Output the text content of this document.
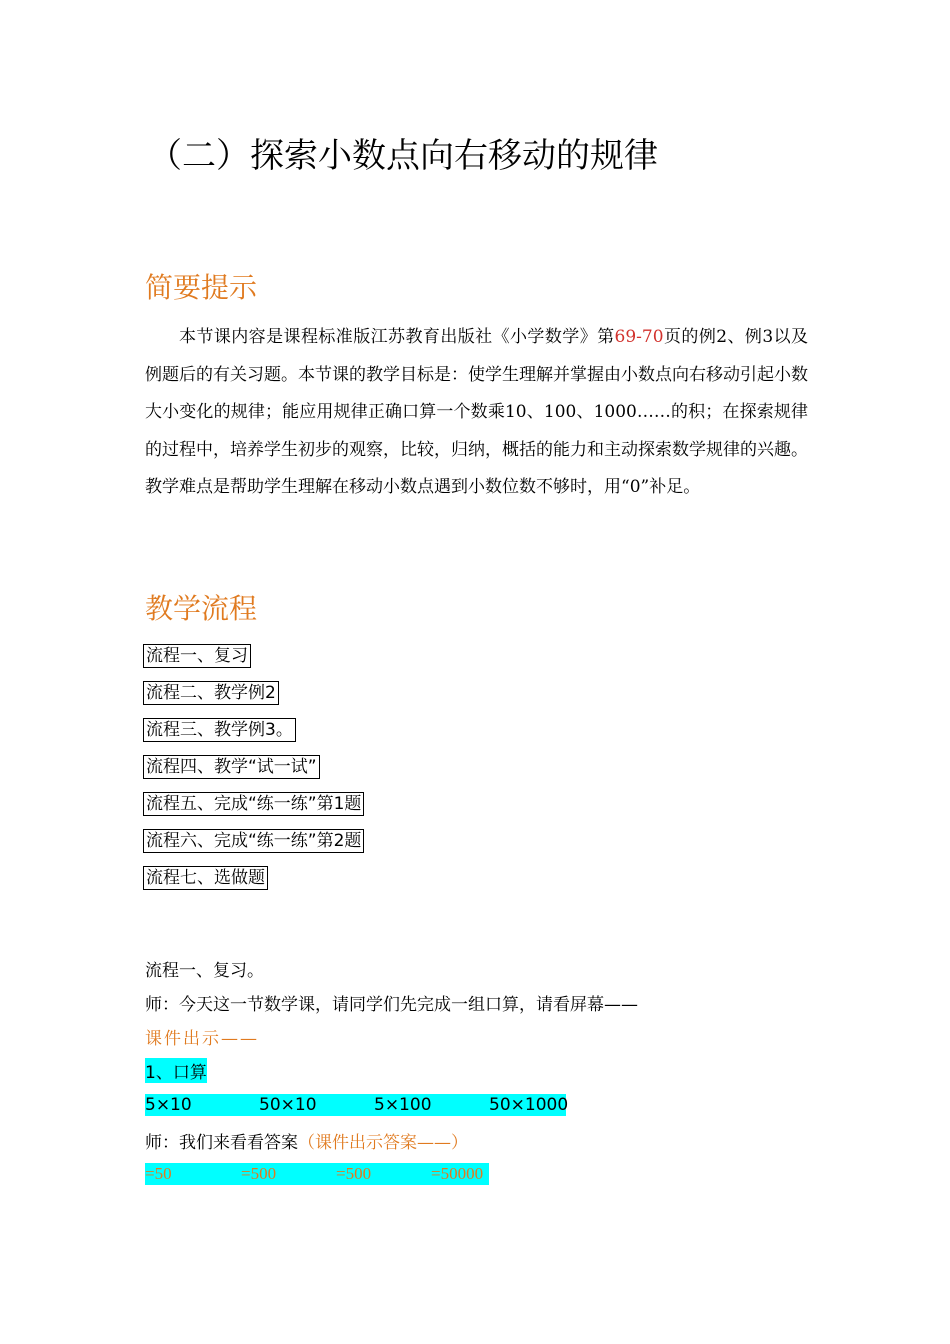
（二）探索小数点向右移动的规律
简要提示

本节课内容是课程标准版江苏教育出版社《小学数学》第69-70页的例2、例3以及例题后的有关习题。本节课的教学目标是：使学生理解并掌握由小数点向右移动引起小数大小变化的规律；能应用规律正确口算一个数乘10、100、1000……的积；在探索规律的过程中，培养学生初步的观察，比较，归纳，概括的能力和主动探索数学规律的兴趣。教学难点是帮助学生理解在移动小数点遇到小数位数不够时，用“0”补足。

教学流程
流程一、复习
流程二、教学例2
流程三、教学例3。
流程四、教学“试一试”
流程五、完成“练一练”第1题
流程六、完成“练一练”第2题
流程七、选做题
流程一、复习。
师：今天这一节数学课，请同学们先完成一组口算，请看屏幕——
课件出示——
1、口算
5×10	50×10	5×100	50×1000
师：我们来看看答案（课件出示答案——）
=50	=500	=500	=50000
